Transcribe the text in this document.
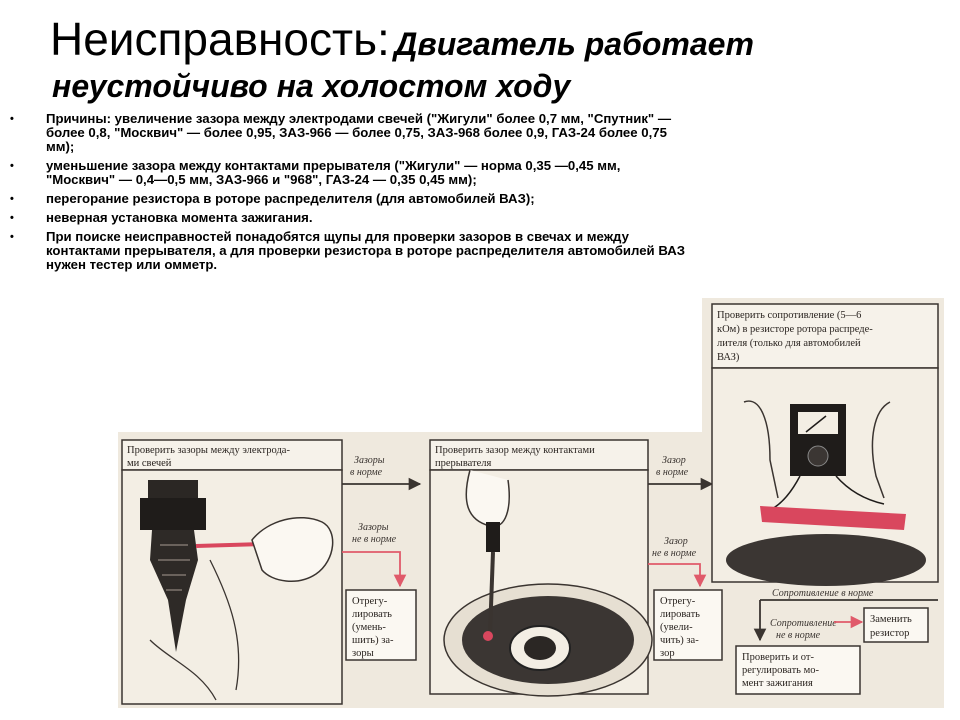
Неисправность: Двигатель работает
неустойчиво на холостом ходу
• Причины: увеличение зазора между электродами свечей ("Жигули" более 0,7 мм, "Спутник" — более 0,8, "Москвич" — более 0,95, ЗАЗ-966 — более 0,75, ЗАЗ-968 более 0,9, ГАЗ-24 более 0,75 мм);
• уменьшение зазора между контактами прерывателя ("Жигули" — норма 0,35 —0,45 мм, "Москвич" — 0,4—0,5 мм, ЗАЗ-966 и "968", ГАЗ-24 — 0,35 0,45 мм);
• перегорание резистора в роторе распределителя (для автомобилей ВАЗ);
• неверная установка момента зажигания.
• При поиске неисправностей понадобятся щупы для проверки зазоров в свечах и между контактами прерывателя, а для проверки резистора в роторе распределителя автомобилей ВАЗ нужен тестер или омметр.
Проверить зазоры между электрода-
ми свечей	Зазоры
в норме
Зазоры
не в норме
Отрегу-
лировать
(умень-
шить) за-
зоры
Проверить зазор между контактами
прерывателя	Зазор
в норме
Зазор
не в норме
Отрегу-
лировать
(увели-
чить) за-
зор
Проверить сопротивление (5—6
кОм) в резисторе ротора распреде-
лителя (только для автомобилей
ВАЗ)
Сопротивление в норме
Сопротивление
не в норме
Заменить
резистор
Проверить и от-
регулировать мо-
мент зажигания
